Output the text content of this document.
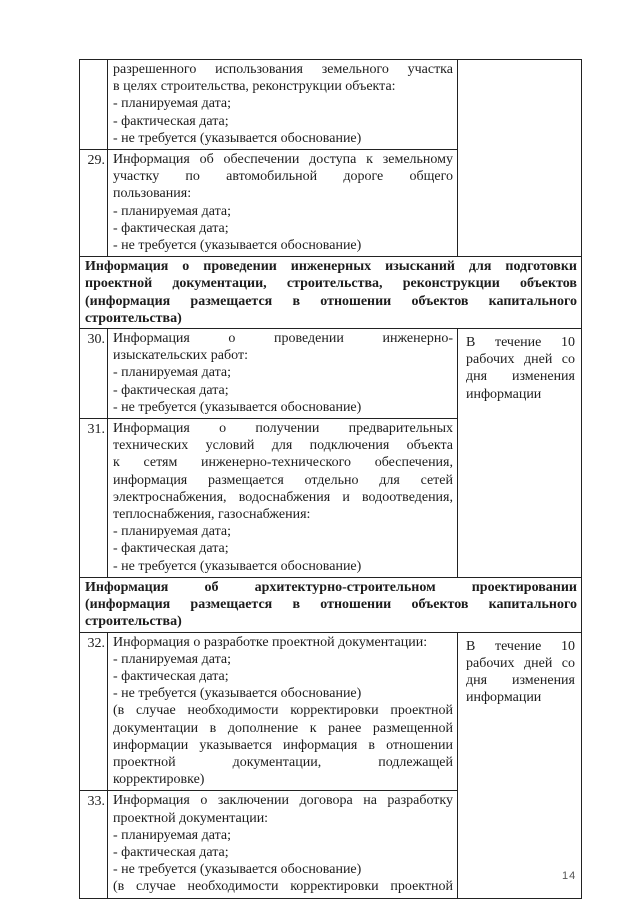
разрешенного использования земельного участка
в целях строительства, реконструкции объекта:
- планируемая дата;
- фактическая дата;
- не требуется (указывается обоснование)
29. Информация об обеспечении доступа к земельному
участку по автомобильной дороге общего
пользования:
- планируемая дата;
- фактическая дата;
- не требуется (указывается обоснование)
Информация о проведении инженерных изысканий для подготовки
проектной документации, строительства, реконструкции объектов
(информация размещается в отношении объектов капитального
строительства)
30. Информация о проведении инженерно-
изыскательских работ:
- планируемая дата;
- фактическая дата;
- не требуется (указывается обоснование)
31. Информация о получении предварительных
технических условий для подключения объекта
к сетям инженерно-технического обеспечения,
информация размещается отдельно для сетей
электроснабжения, водоснабжения и водоотведения,
теплоснабжения, газоснабжения:
- планируемая дата;
- фактическая дата;
- не требуется (указывается обоснование)
В течение 10
рабочих дней со
дня изменения
информации
Информация об архитектурно-строительном проектировании
(информация размещается в отношении объектов капитального
строительства)
32. Информация о разработке проектной документации:
- планируемая дата;
- фактическая дата;
- не требуется (указывается обоснование)
(в случае необходимости корректировки проектной
документации в дополнение к ранее размещенной
информации указывается информация в отношении
проектной документации, подлежащей
корректировке)
33. Информация о заключении договора на разработку
проектной документации:
- планируемая дата;
- фактическая дата;
- не требуется (указывается обоснование)
(в случае необходимости корректировки проектной
В течение 10
рабочих дней со
дня изменения
информации
14
